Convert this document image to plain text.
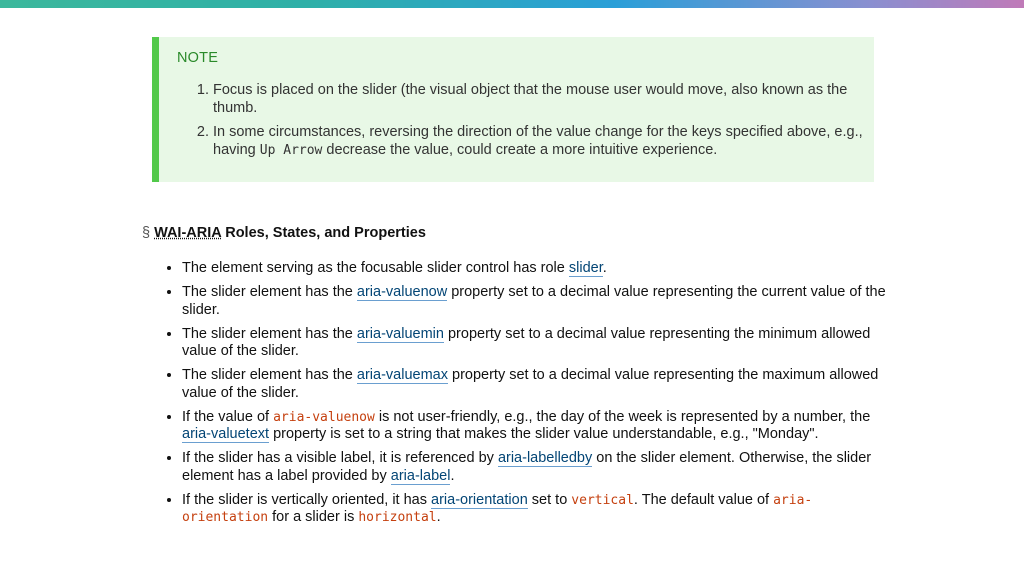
NOTE
1. Focus is placed on the slider (the visual object that the mouse user would move, also known as the thumb.
2. In some circumstances, reversing the direction of the value change for the keys specified above, e.g., having Up Arrow decrease the value, could create a more intuitive experience.
§ WAI-ARIA Roles, States, and Properties
• The element serving as the focusable slider control has role slider.
• The slider element has the aria-valuenow property set to a decimal value representing the current value of the slider.
• The slider element has the aria-valuemin property set to a decimal value representing the minimum allowed value of the slider.
• The slider element has the aria-valuemax property set to a decimal value representing the maximum allowed value of the slider.
• If the value of aria-valuenow is not user-friendly, e.g., the day of the week is represented by a number, the aria-valuetext property is set to a string that makes the slider value understandable, e.g., "Monday".
• If the slider has a visible label, it is referenced by aria-labelledby on the slider element. Otherwise, the slider element has a label provided by aria-label.
• If the slider is vertically oriented, it has aria-orientation set to vertical. The default value of aria-orientation for a slider is horizontal.
